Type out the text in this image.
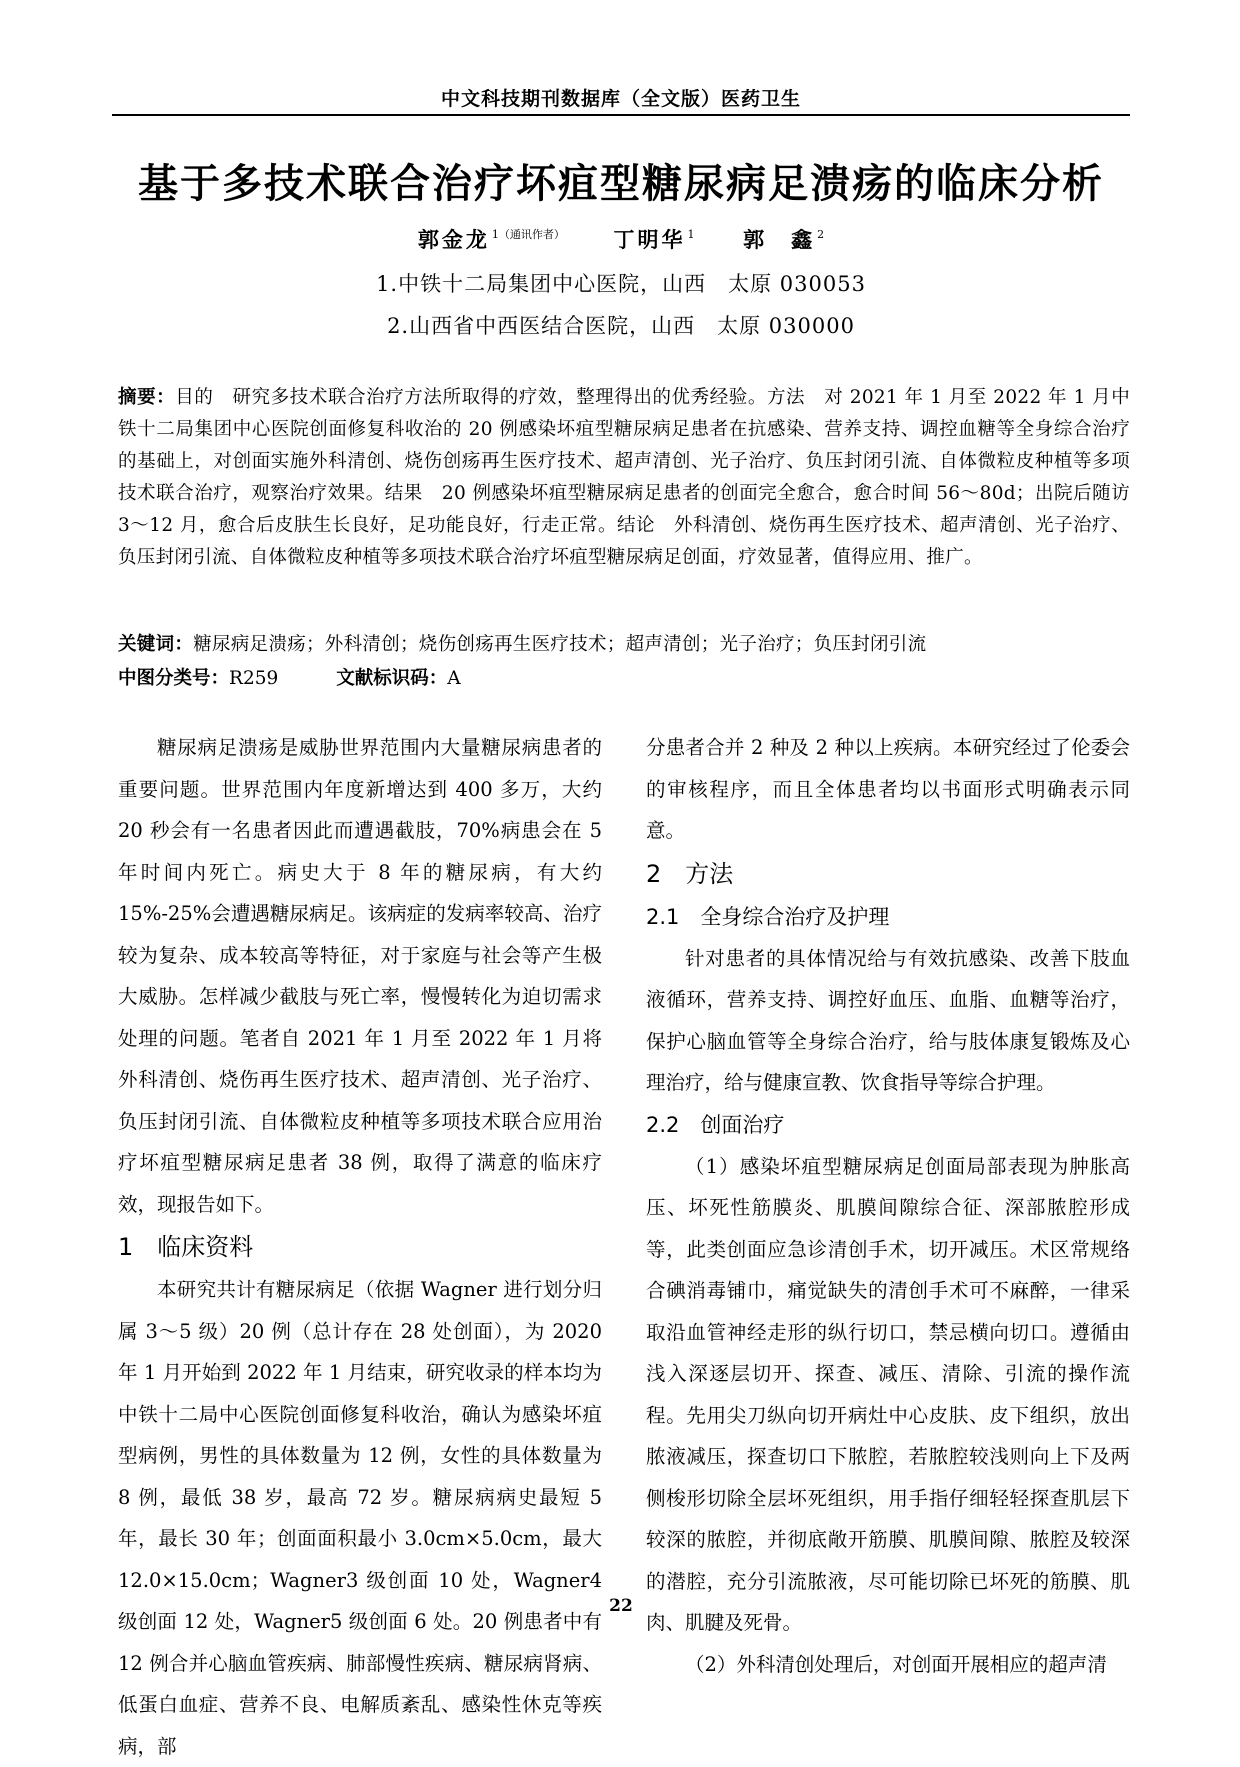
中文科技期刊数据库（全文版）医药卫生
基于多技术联合治疗坏疽型糖尿病足溃疡的临床分析
郭金龙 $^{1(通讯作者)}$ 丁明华 $^1$ 郭　鑫 $^2$
1.中铁十二局集团中心医院，山西　太原 030053
2.山西省中西医结合医院，山西　太原 030000
摘要：目的　研究多技术联合治疗方法所取得的疗效，整理得出的优秀经验。方法　对 2021 年 1 月至 2022 年 1 月中铁十二局集团中心医院创面修复科收治的 20 例感染坏疽型糖尿病足患者在抗感染、营养支持、调控血糖等全身综合治疗的基础上，对创面实施外科清创、烧伤创疡再生医疗技术、超声清创、光子治疗、负压封闭引流、自体微粒皮种植等多项技术联合治疗，观察治疗效果。结果　20 例感染坏疽型糖尿病足患者的创面完全愈合，愈合时间 56～80d；出院后随访 3～12 月，愈合后皮肤生长良好，足功能良好，行走正常。结论　外科清创、烧伤再生医疗技术、超声清创、光子治疗、负压封闭引流、自体微粒皮种植等多项技术联合治疗坏疽型糖尿病足创面，疗效显著，值得应用、推广。
关键词：糖尿病足溃疡；外科清创；烧伤创疡再生医疗技术；超声清创；光子治疗；负压封闭引流
中图分类号：R259	文献标识码：A

糖尿病足溃疡是威胁世界范围内大量糖尿病患者的重要问题。世界范围内年度新增达到 400 多万，大约 20 秒会有一名患者因此而遭遇截肢，70%病患会在 5 年时间内死亡。病史大于 8 年的糖尿病，有大约 15%-25%会遭遇糖尿病足。该病症的发病率较高、治疗较为复杂、成本较高等特征，对于家庭与社会等产生极大威胁。怎样减少截肢与死亡率，慢慢转化为迫切需求处理的问题。笔者自 2021 年 1 月至 2022 年 1 月将外科清创、烧伤再生医疗技术、超声清创、光子治疗、负压封闭引流、自体微粒皮种植等多项技术联合应用治疗坏疽型糖尿病足患者 38 例，取得了满意的临床疗效，现报告如下。

1　临床资料

本研究共计有糖尿病足（依据 Wagner 进行划分归属 3～5 级）20 例（总计存在 28 处创面），为 2020 年 1 月开始到 2022 年 1 月结束，研究收录的样本均为中铁十二局中心医院创面修复科收治，确认为感染坏疽型病例，男性的具体数量为 12 例，女性的具体数量为 8 例，最低 38 岁，最高 72 岁。糖尿病病史最短 5 年，最长 30 年；创面面积最小 3.0cm×5.0cm，最大 12.0×15.0cm；Wagner3 级创面 10 处，Wagner4 级创面 12 处，Wagner5 级创面 6 处。20 例患者中有 12 例合并心脑血管疾病、肺部慢性疾病、糖尿病肾病、低蛋白血症、营养不良、电解质紊乱、感染性休克等疾病，部

分患者合并 2 种及 2 种以上疾病。本研究经过了伦委会的审核程序，而且全体患者均以书面形式明确表示同意。

2　方法
2.1　全身综合治疗及护理

针对患者的具体情况给与有效抗感染、改善下肢血液循环，营养支持、调控好血压、血脂、血糖等治疗，保护心脑血管等全身综合治疗，给与肢体康复锻炼及心理治疗，给与健康宣教、饮食指导等综合护理。

2.2　创面治疗

（1）感染坏疽型糖尿病足创面局部表现为肿胀高压、坏死性筋膜炎、肌膜间隙综合征、深部脓腔形成等，此类创面应急诊清创手术，切开减压。术区常规络合碘消毒铺巾，痛觉缺失的清创手术可不麻醉，一律采取沿血管神经走形的纵行切口，禁忌横向切口。遵循由浅入深逐层切开、探查、减压、清除、引流的操作流程。先用尖刀纵向切开病灶中心皮肤、皮下组织，放出脓液减压，探查切口下脓腔，若脓腔较浅则向上下及两侧梭形切除全层坏死组织，用手指仔细轻轻探查肌层下较深的脓腔，并彻底敞开筋膜、肌膜间隙、脓腔及较深的潜腔，充分引流脓液，尽可能切除已坏死的筋膜、肌肉、肌腱及死骨。

（2）外科清创处理后，对创面开展相应的超声清

22
